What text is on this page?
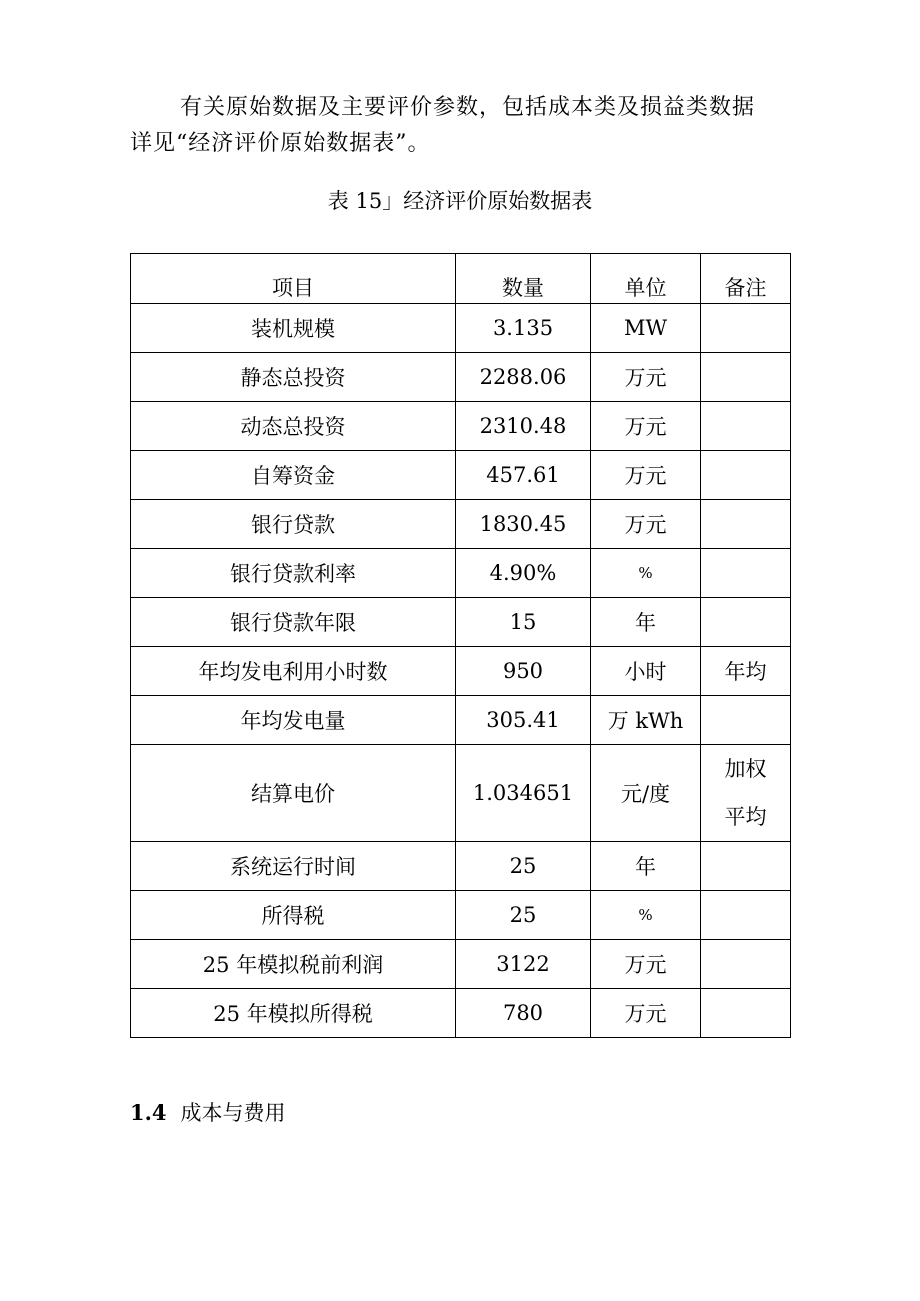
有关原始数据及主要评价参数，包括成本类及损益类数据
详见“经济评价原始数据表”。
表 15」经济评价原始数据表
项目	数量	单位	备注
装机规模	3.135	MW	
静态总投资	2288.06	万元	
动态总投资	2310.48	万元	
自筹资金	457.61	万元	
银行贷款	1830.45	万元	
银行贷款利率	4.90%	%	
银行贷款年限	15	年	
年均发电利用小时数	950	小时	年均
年均发电量	305.41	万 kWh	
结算电价	1.034651	元/度	加权
平均

系统运行时间	25	年	
所得税	25	%	
25 年模拟税前利润	3122	万元	
25 年模拟所得税	780	万元	
1.4 成本与费用
